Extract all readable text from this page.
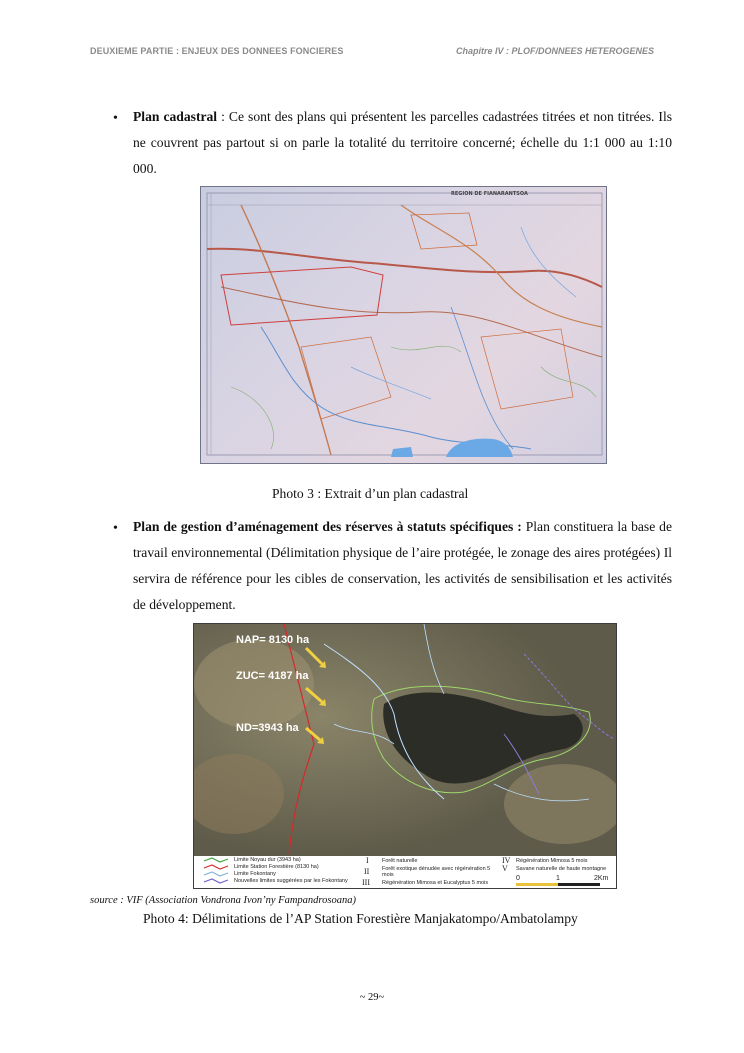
DEUXIEME PARTIE : ENJEUX DES DONNEES FONCIERES	Chapitre IV : PLOF/DONNEES HETEROGENES
• Plan cadastral : Ce sont des plans qui présentent les parcelles cadastrées titrées et non titrées. Ils ne couvrent pas partout si on parle la totalité du territoire concerné; échelle du 1:1 000 au 1:10 000.
REGION DE FIANARANTSOA
Photo 3 : Extrait d’un plan cadastral
• Plan de gestion d’aménagement des réserves à statuts spécifiques : Plan constituera la base de travail environnemental (Délimitation physique de l’aire protégée, le zonage des aires protégées) Il servira de référence pour les cibles de conservation, les activités de sensibilisation et les activités de développement.
NAP= 8130 ha
ZUC= 4187 ha
ND=3943 ha
Limite Noyau dur (3943 ha)
Limite Station Forestière (8130 ha)
Limite Fokontany
Nouvelles limites suggérées par les Fokontany
I Forêt naturelle
II Forêt exotique dénudée avec régénération 5 mois
III Régénération Mimosa et Eucalyptus 5 mois
IV Régénération Mimosa 5 mois
V Savane naturelle de haute montagne
0	1	2Km
source : VIF (Association Vondrona Ivon’ny Fampandrosoana)
Photo 4: Délimitations de l’AP Station Forestière Manjakatompo/Ambatolampy
~ 29~
